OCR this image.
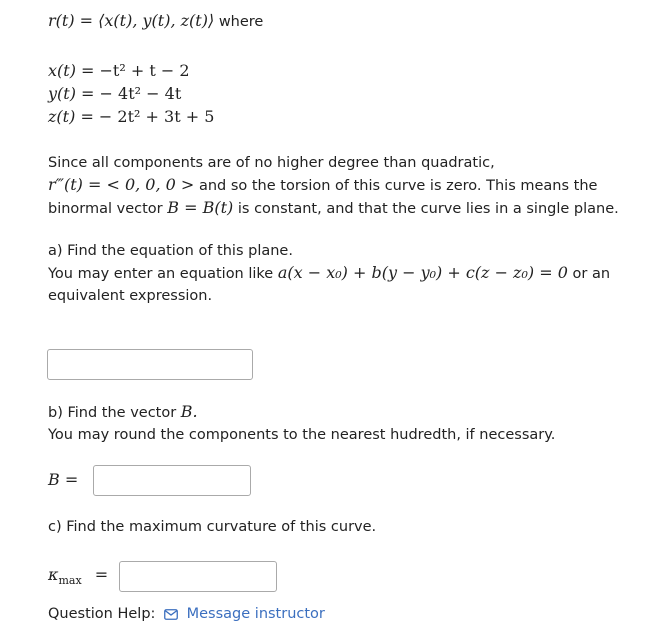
r(t) = ⟨x(t), y(t), z(t)⟩ where
x(t) = −t² + t − 2
y(t) = − 4t² − 4t
z(t) = − 2t² + 3t + 5
Since all components are of no higher degree than quadratic,
r‴(t) = < 0, 0, 0 > and so the torsion of this curve is zero. This means the
binormal vector B = B(t) is constant, and that the curve lies in a single plane.
a) Find the equation of this plane.
You may enter an equation like a(x − x₀) + b(y − y₀) + c(z − z₀) = 0 or an
equivalent expression.
b) Find the vector B.
You may round the components to the nearest hudredth, if necessary.
B =
c) Find the maximum curvature of this curve.
$\kappa_{max}$ =
Question Help: Message instructor
